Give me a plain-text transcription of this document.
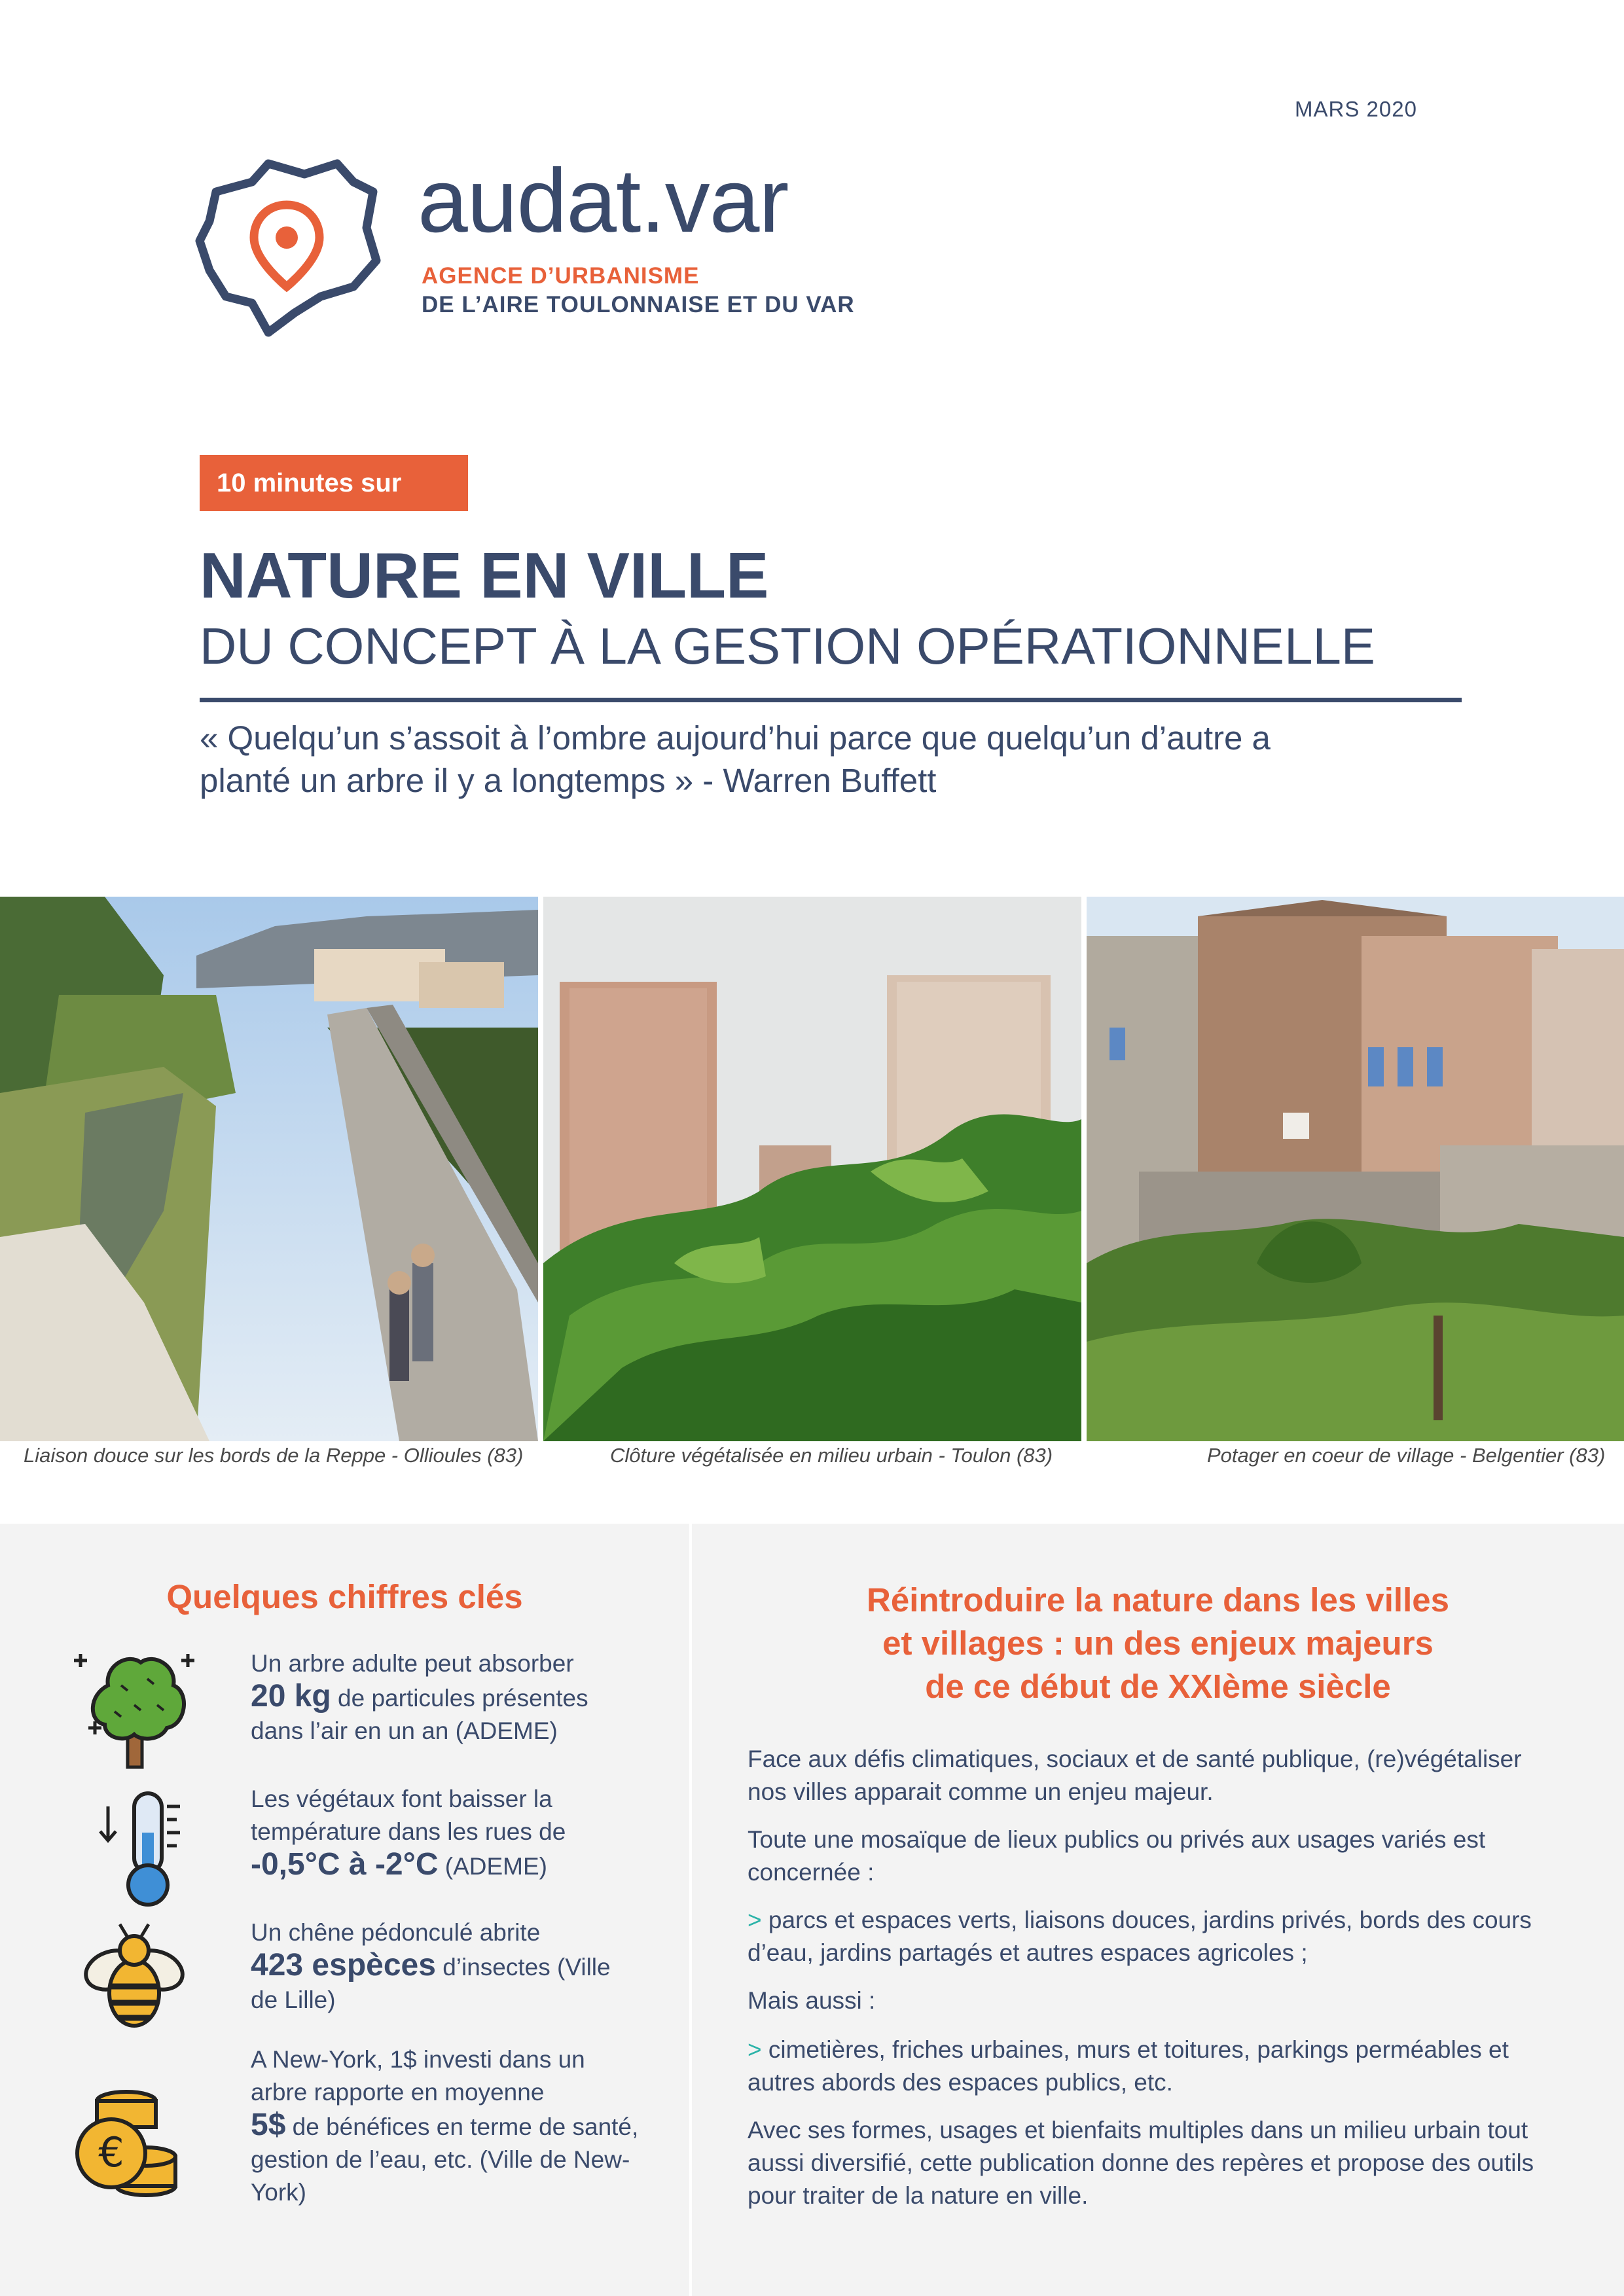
MARS 2020
audat.var
AGENCE D’URBANISME
DE L’AIRE TOULONNAISE ET DU VAR
10 minutes sur
NATURE EN VILLE
DU CONCEPT À LA GESTION OPÉRATIONNELLE
« Quelqu’un s’assoit à l’ombre aujourd’hui parce que quelqu’un d’autre a
planté un arbre il y a longtemps » - Warren Buffett
Liaison douce sur les bords de la Reppe - Ollioules (83)	Clôture végétalisée en milieu urbain - Toulon (83)	Potager en coeur de village - Belgentier (83)
Quelques chiffres clés
Un arbre adulte peut absorber
20 kg de particules présentes dans l’air en un an (ADEME)
Les végétaux font baisser la température dans les rues de
-0,5°C à -2°C (ADEME)
Un chêne pédonculé abrite
423 espèces d’insectes (Ville de Lille)
€
A New-York, 1$ investi dans un arbre rapporte en moyenne
5$ de bénéfices en terme de santé, gestion de l’eau, etc. (Ville de New-York)
Réintroduire la nature dans les villes
et villages : un des enjeux majeurs
de ce début de XXIème siècle
Face aux défis climatiques, sociaux et de santé publique, (re)végétaliser nos villes apparait comme un enjeu majeur.
Toute une mosaïque de lieux publics ou privés aux usages variés est concernée :
> parcs et espaces verts, liaisons douces, jardins privés, bords des cours d’eau, jardins partagés et autres espaces agricoles ;
Mais aussi :
> cimetières, friches urbaines, murs et toitures, parkings perméables et autres abords des espaces publics, etc.
Avec ses formes, usages et bienfaits multiples dans un milieu urbain tout aussi diversifié, cette publication donne des repères et propose des outils pour traiter de la nature en ville.
